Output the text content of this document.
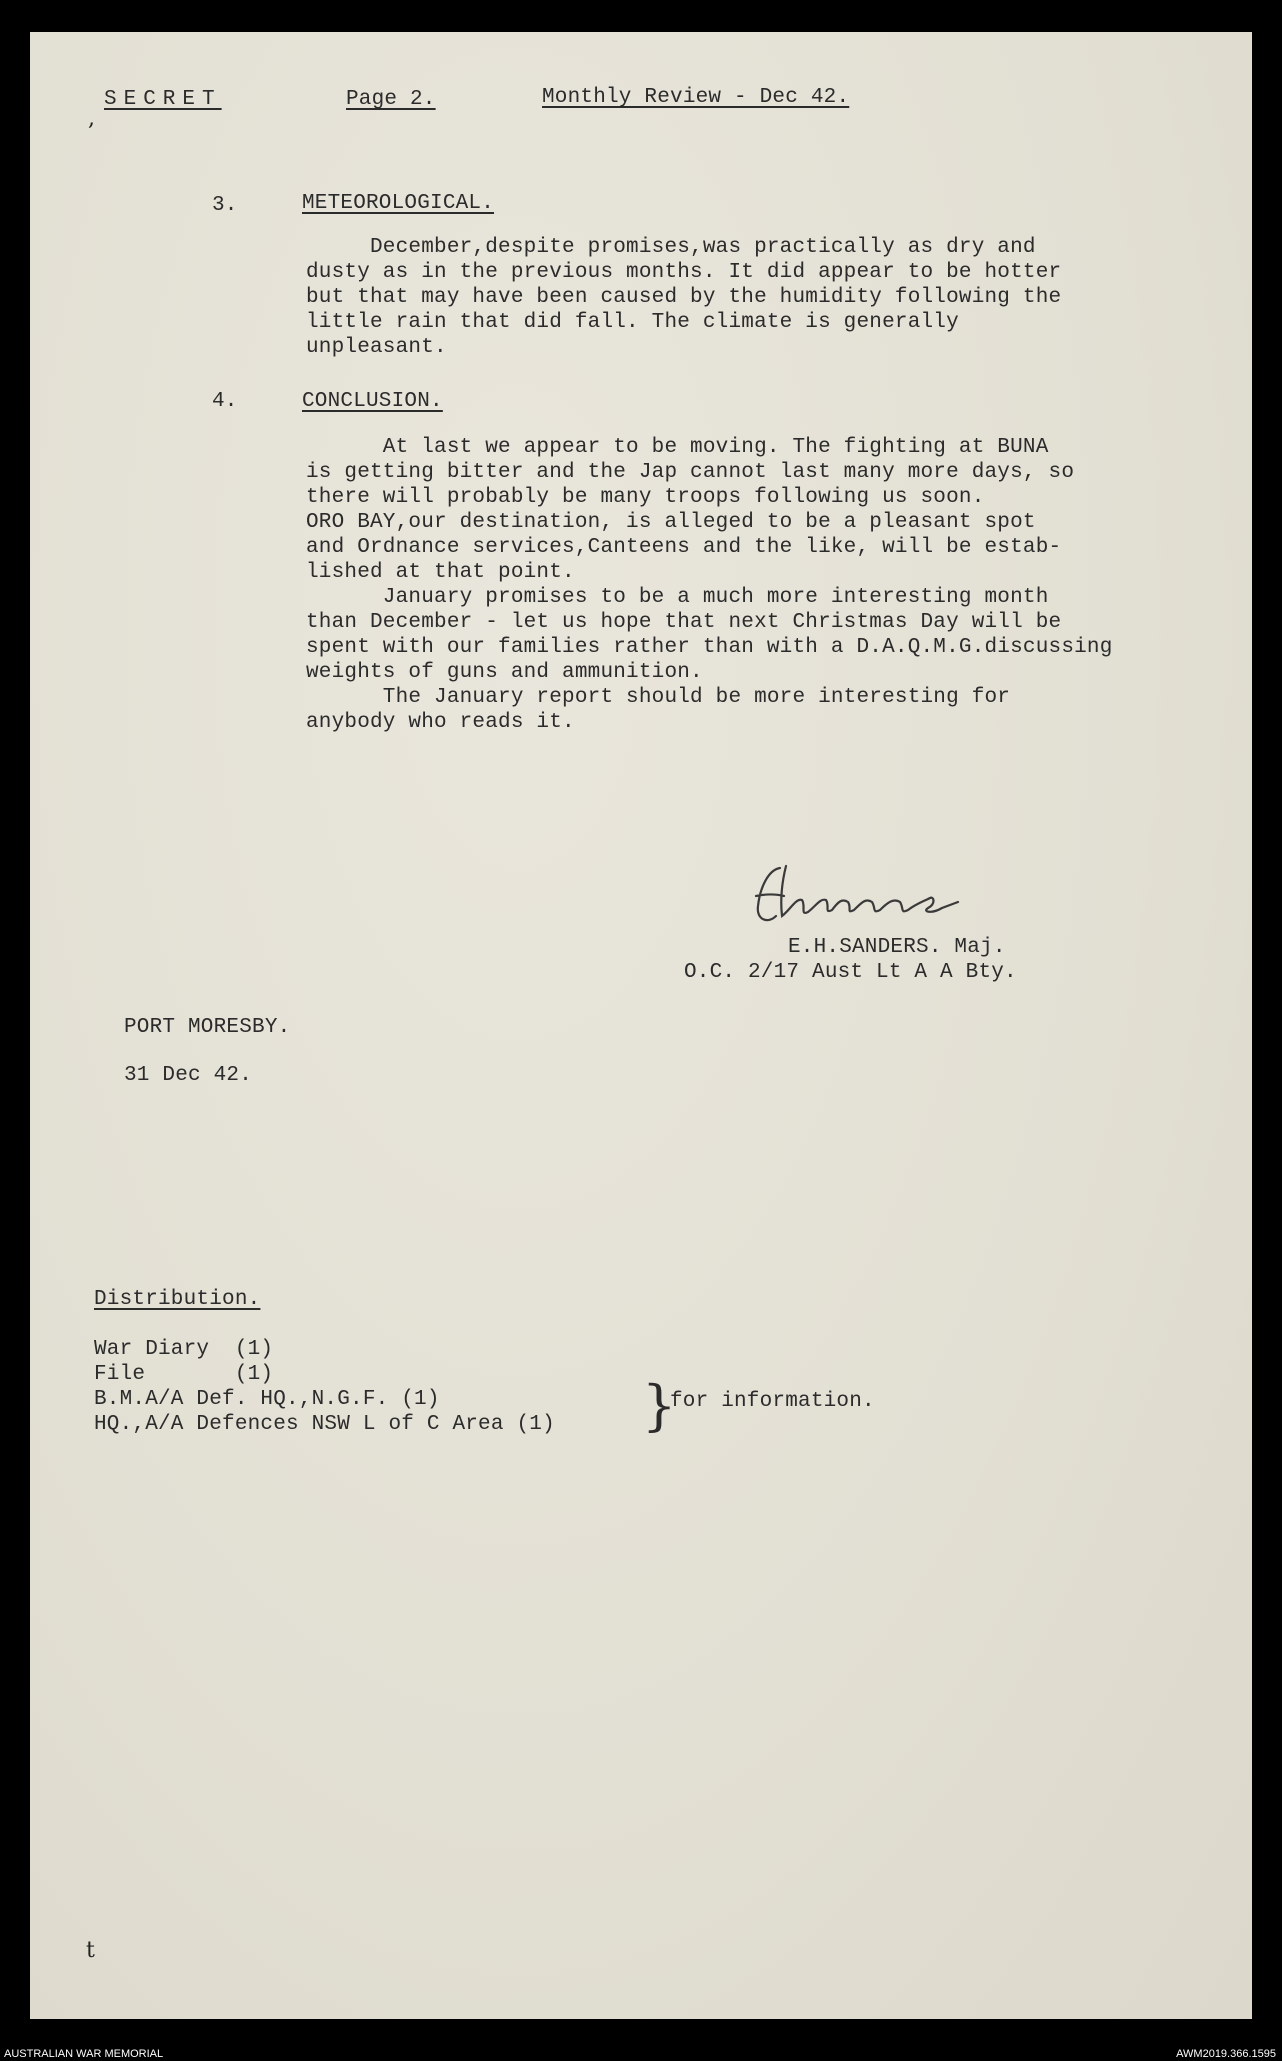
SECRET	Page 2.	Monthly Review - Dec 42.
,
3.	METEOROLOGICAL.
December,despite promises,was practically as dry and
dusty as in the previous months. It did appear to be hotter
but that may have been caused by the humidity following the
little rain that did fall. The climate is generally
unpleasant.
4.	CONCLUSION.
At last we appear to be moving. The fighting at BUNA
is getting bitter and the Jap cannot last many more days, so
there will probably be many troops following us soon.
ORO BAY,our destination, is alleged to be a pleasant spot
and Ordnance services,Canteens and the like, will be estab-
lished at that point.
January promises to be a much more interesting month
than December - let us hope that next Christmas Day will be
spent with our families rather than with a D.A.Q.M.G.discussing
weights of guns and ammunition.
The January report should be more interesting for
anybody who reads it.
E.H.SANDERS. Maj.
O.C. 2/17 Aust Lt A A Bty.
PORT MORESBY.
31 Dec 42.
Distribution.
War Diary  (1)
File       (1)
B.M.A/A Def. HQ.,N.G.F. (1)
HQ.,A/A Defences NSW L of C Area (1) }
for information.
t
AUSTRALIAN WAR MEMORIAL	AWM2019.366.1595
